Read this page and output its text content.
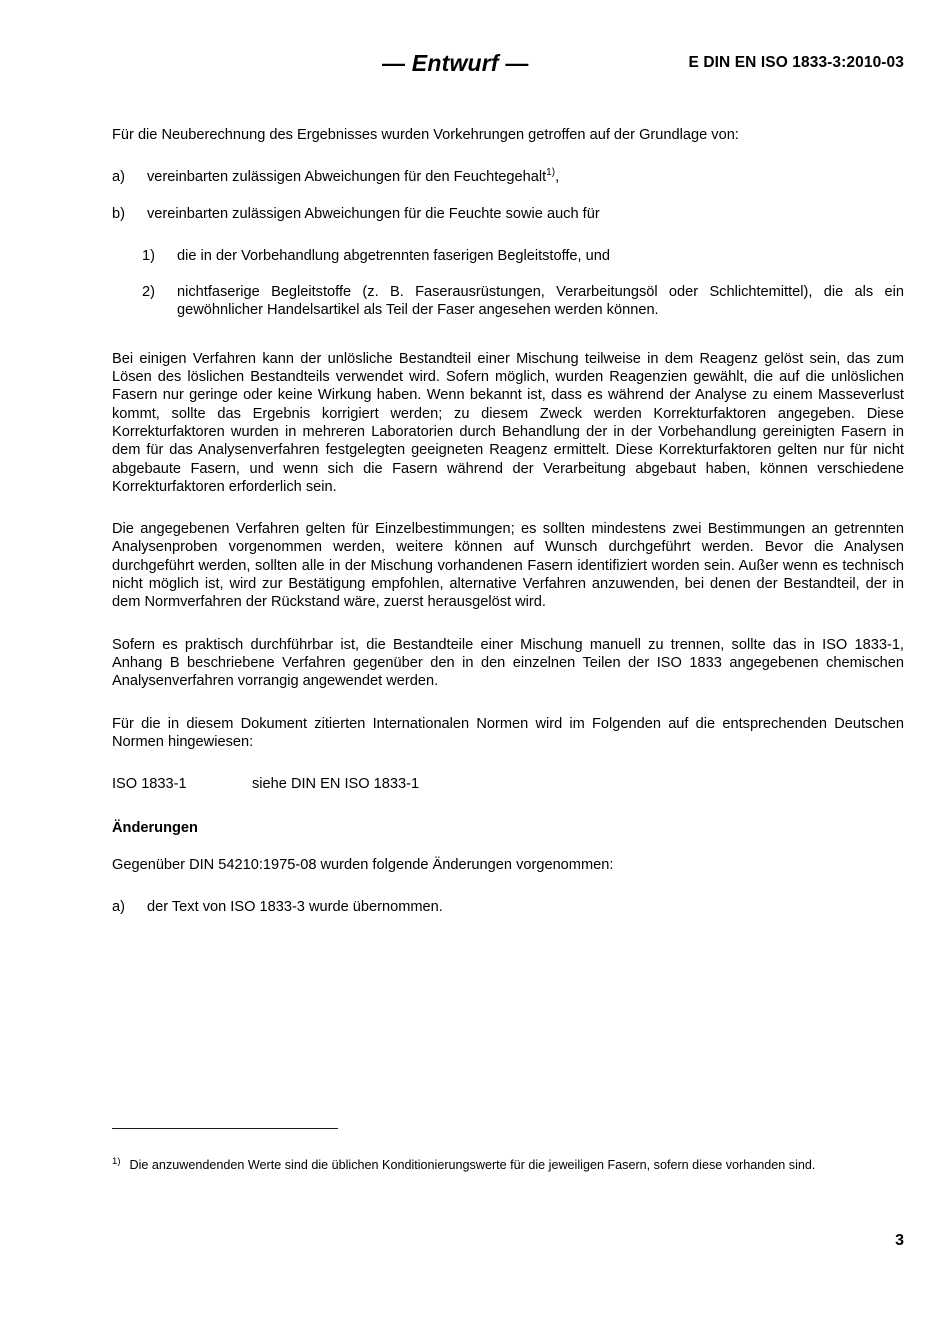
— Entwurf —	E DIN EN ISO 1833-3:2010-03

Für die Neuberechnung des Ergebnisses wurden Vorkehrungen getroffen auf der Grundlage von:

a)	vereinbarten zulässigen Abweichungen für den Feuchtegehalt$^{1)}$,
b)	vereinbarten zulässigen Abweichungen für die Feuchte sowie auch für
1)	die in der Vorbehandlung abgetrennten faserigen Begleitstoffe, und
2)	nichtfaserige Begleitstoffe (z. B. Faserausrüstungen, Verarbeitungsöl oder Schlichtemittel), die als ein gewöhnlicher Handelsartikel als Teil der Faser angesehen werden können.

Bei einigen Verfahren kann der unlösliche Bestandteil einer Mischung teilweise in dem Reagenz gelöst sein, das zum Lösen des löslichen Bestandteils verwendet wird. Sofern möglich, wurden Reagenzien gewählt, die auf die unlöslichen Fasern nur geringe oder keine Wirkung haben. Wenn bekannt ist, dass es während der Analyse zu einem Masseverlust kommt, sollte das Ergebnis korrigiert werden; zu diesem Zweck werden Korrekturfaktoren angegeben. Diese Korrekturfaktoren wurden in mehreren Laboratorien durch Behandlung der in der Vorbehandlung gereinigten Fasern in dem für das Analysenverfahren festgelegten geeigneten Reagenz ermittelt. Diese Korrekturfaktoren gelten nur für nicht abgebaute Fasern, und wenn sich die Fasern während der Verarbeitung abgebaut haben, können verschiedene Korrekturfaktoren erforderlich sein.

Die angegebenen Verfahren gelten für Einzelbestimmungen; es sollten mindestens zwei Bestimmungen an getrennten Analysenproben vorgenommen werden, weitere können auf Wunsch durchgeführt werden. Bevor die Analysen durchgeführt werden, sollten alle in der Mischung vorhandenen Fasern identifiziert worden sein. Außer wenn es technisch nicht möglich ist, wird zur Bestätigung empfohlen, alternative Verfahren anzuwenden, bei denen der Bestandteil, der in dem Normverfahren der Rückstand wäre, zuerst herausgelöst wird.

Sofern es praktisch durchführbar ist, die Bestandteile einer Mischung manuell zu trennen, sollte das in ISO 1833-1, Anhang B beschriebene Verfahren gegenüber den in den einzelnen Teilen der ISO 1833 angegebenen chemischen Analysenverfahren vorrangig angewendet werden.

Für die in diesem Dokument zitierten Internationalen Normen wird im Folgenden auf die entsprechenden Deutschen Normen hingewiesen:

ISO 1833-1	siehe DIN EN ISO 1833-1
Änderungen

Gegenüber DIN 54210:1975-08 wurden folgende Änderungen vorgenommen:

a)	der Text von ISO 1833-3 wurde übernommen.

$^{1)}$ Die anzuwendenden Werte sind die üblichen Konditionierungswerte für die jeweiligen Fasern, sofern diese vorhanden sind.

3
